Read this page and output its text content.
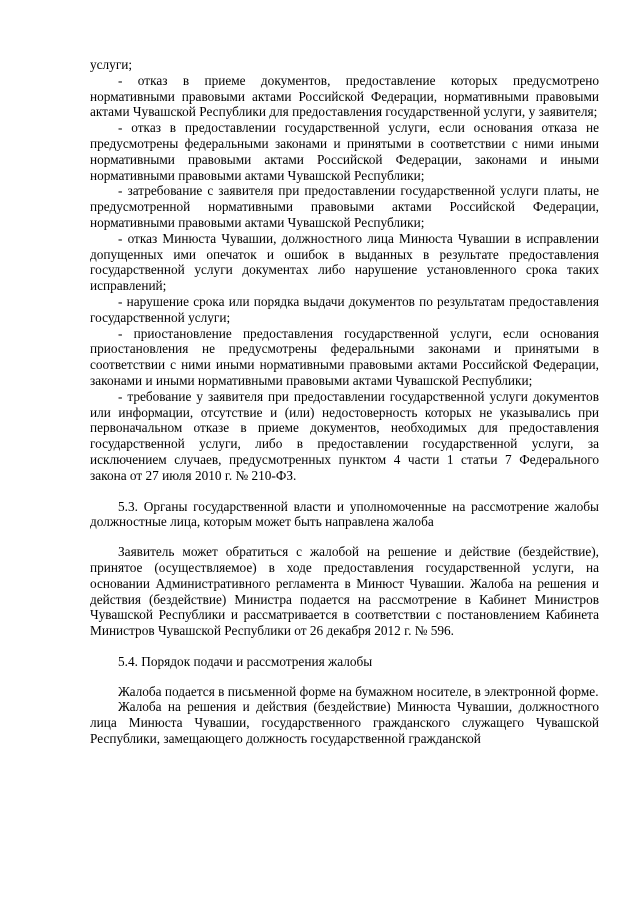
услуги;

- отказ в приеме документов, предоставление которых предусмотрено нормативными правовыми актами Российской Федерации, нормативными правовыми актами Чувашской Республики для предоставления государственной услуги, у заявителя;

- отказ в предоставлении государственной услуги, если основания отказа не предусмотрены федеральными законами и принятыми в соответствии с ними иными нормативными правовыми актами Российской Федерации, законами и иными нормативными правовыми актами Чувашской Республики;

- затребование с заявителя при предоставлении государственной услуги платы, не предусмотренной нормативными правовыми актами Российской Федерации, нормативными правовыми актами Чувашской Республики;

- отказ Минюста Чувашии, должностного лица Минюста Чувашии в исправлении допущенных ими опечаток и ошибок в выданных в результате предоставления государственной услуги документах либо нарушение установленного срока таких исправлений;

- нарушение срока или порядка выдачи документов по результатам предоставления государственной услуги;

- приостановление предоставления государственной услуги, если основания приостановления не предусмотрены федеральными законами и принятыми в соответствии с ними иными нормативными правовыми актами Российской Федерации, законами и иными нормативными правовыми актами Чувашской Республики;

- требование у заявителя при предоставлении государственной услуги документов или информации, отсутствие и (или) недостоверность которых не указывались при первоначальном отказе в приеме документов, необходимых для предоставления государственной услуги, либо в предоставлении государственной услуги, за исключением случаев, предусмотренных пунктом 4 части 1 статьи 7 Федерального закона от 27 июля 2010 г. № 210-ФЗ.

5.3. Органы государственной власти и уполномоченные на рассмотрение жалобы должностные лица, которым может быть направлена жалоба

Заявитель может обратиться с жалобой на решение и действие (бездействие), принятое (осуществляемое) в ходе предоставления государственной услуги, на основании Административного регламента в Минюст Чувашии. Жалоба на решения и действия (бездействие) Министра подается на рассмотрение в Кабинет Министров Чувашской Республики и рассматривается в соответствии с постановлением Кабинета Министров Чувашской Республики от 26 декабря 2012 г. № 596.

5.4. Порядок подачи и рассмотрения жалобы

Жалоба подается в письменной форме на бумажном носителе, в электронной форме.

Жалоба на решения и действия (бездействие) Минюста Чувашии, должностного лица Минюста Чувашии, государственного гражданского служащего Чувашской Республики, замещающего должность государственной гражданской
